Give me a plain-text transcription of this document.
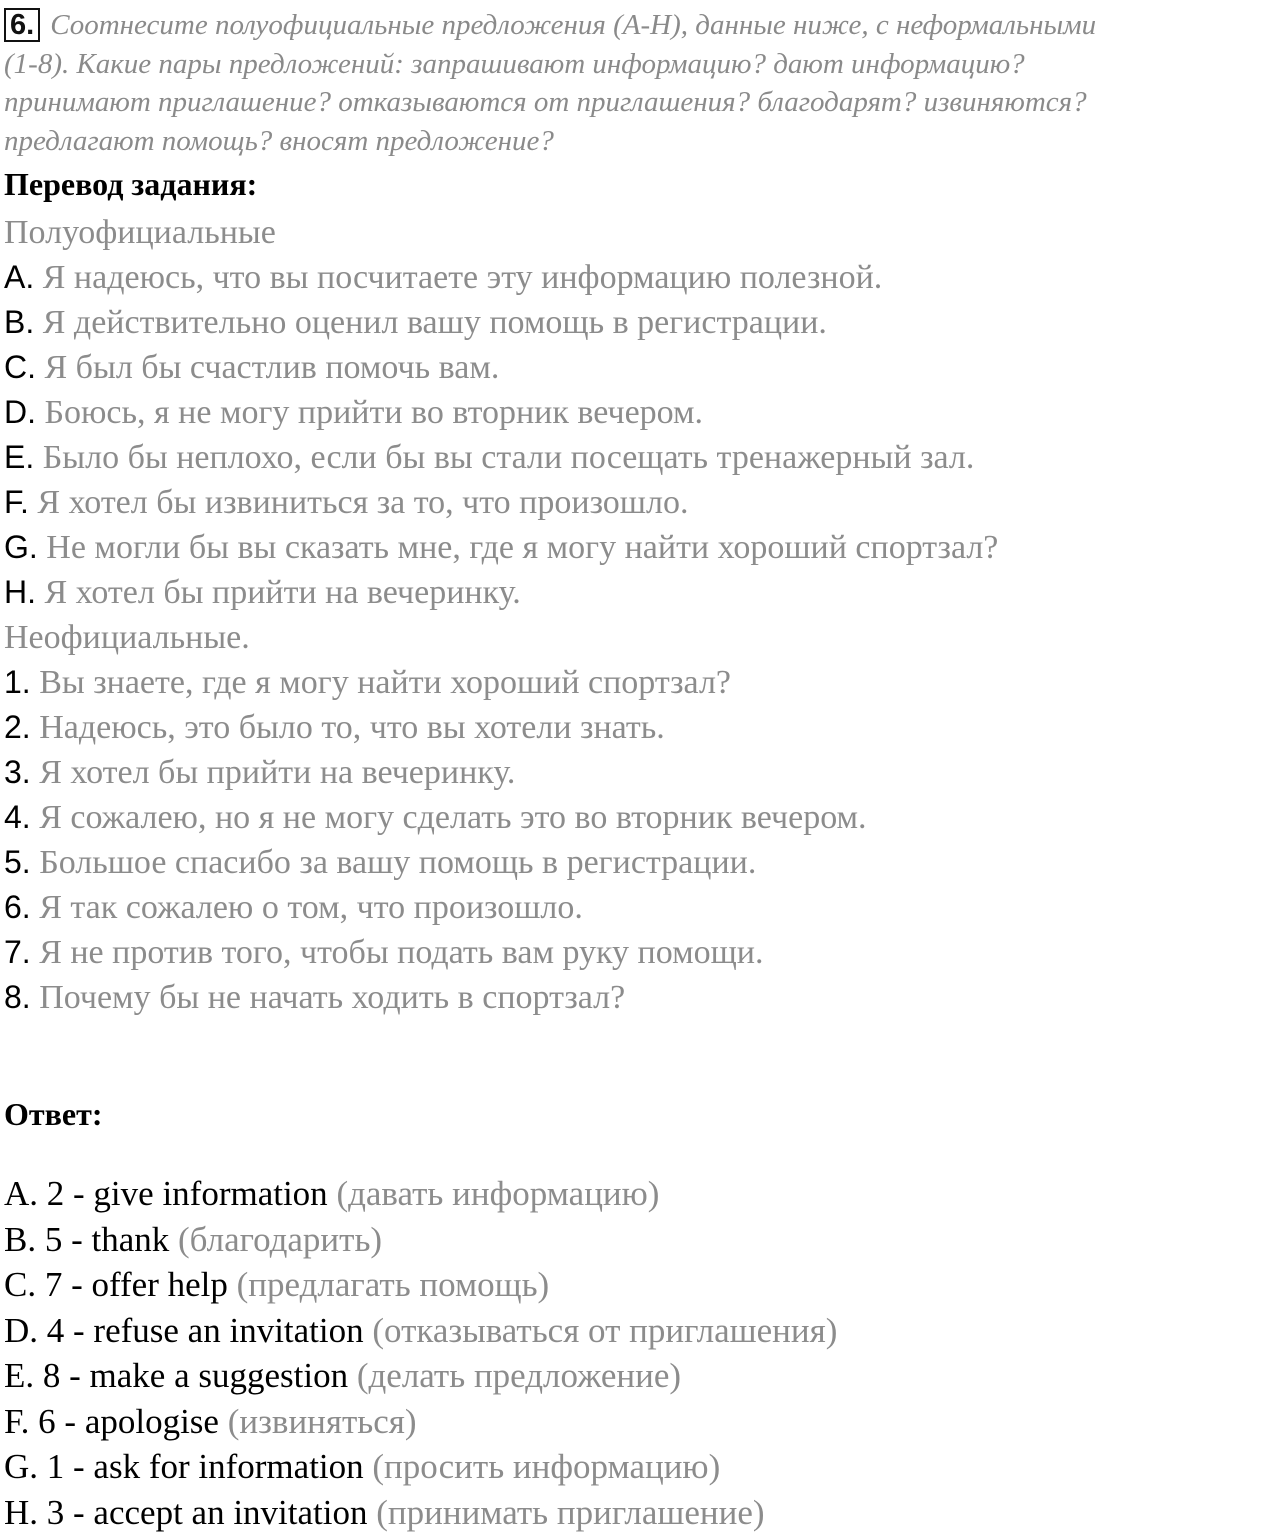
6. Соотнесите полуофициальные предложения (A-H), данные ниже, с неформальными
(1-8). Какие пары предложений: запрашивают информацию? дают информацию?
принимают приглашение? отказываются от приглашения? благодарят? извиняются?
предлагают помощь? вносят предложение?
Перевод задания:
Полуофициальные
A. Я надеюсь, что вы посчитаете эту информацию полезной.
B. Я действительно оценил вашу помощь в регистрации.
C. Я был бы счастлив помочь вам.
D. Боюсь, я не могу прийти во вторник вечером.
E. Было бы неплохо, если бы вы стали посещать тренажерный зал.
F. Я хотел бы извиниться за то, что произошло.
G. Не могли бы вы сказать мне, где я могу найти хороший спортзал?
H. Я хотел бы прийти на вечеринку.
Неофициальные.
1. Вы знаете, где я могу найти хороший спортзал?
2. Надеюсь, это было то, что вы хотели знать.
3. Я хотел бы прийти на вечеринку.
4. Я сожалею, но я не могу сделать это во вторник вечером.
5. Большое спасибо за вашу помощь в регистрации.
6. Я так сожалею о том, что произошло.
7. Я не против того, чтобы подать вам руку помощи.
8. Почему бы не начать ходить в спортзал?
Ответ:
A. 2 - give information (давать информацию)
B. 5 - thank (благодарить)
C. 7 - offer help (предлагать помощь)
D. 4 - refuse an invitation (отказываться от приглашения)
E. 8 - make a suggestion (делать предложение)
F. 6 - apologise (извиняться)
G. 1 - ask for information (просить информацию)
H. 3 - accept an invitation (принимать приглашение)
